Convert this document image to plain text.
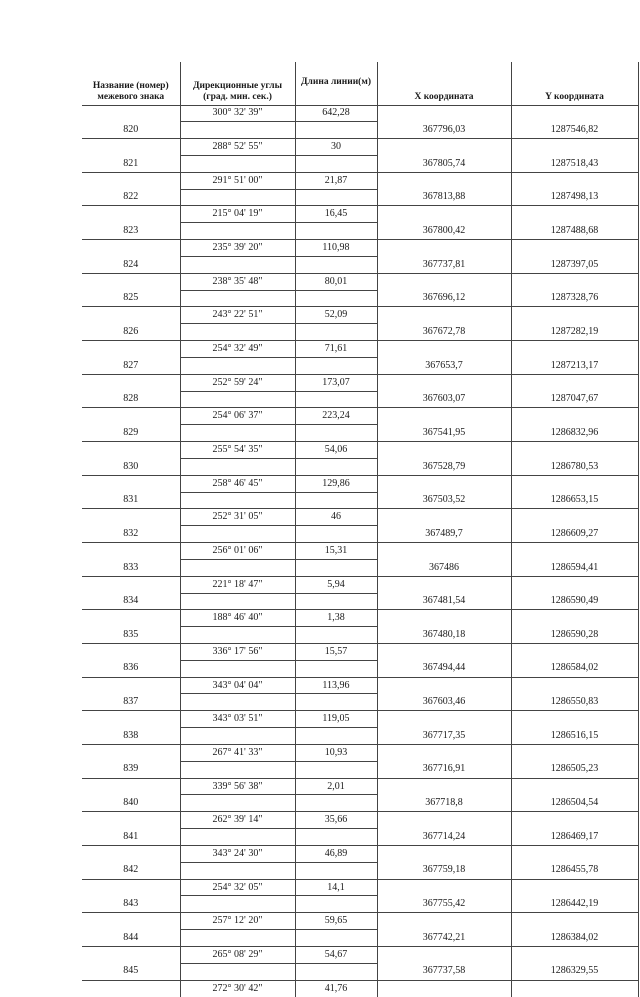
Название (номер) межевого знака	Дирекционные углы (град. мин. сек.)	Длина линии(м)	X координата	Y координата
	300° 32' 39"	642,28		
820			367796,03	1287546,82
	288° 52' 55"	30		
821			367805,74	1287518,43
	291° 51' 00"	21,87		
822			367813,88	1287498,13
	215° 04' 19"	16,45		
823			367800,42	1287488,68
	235° 39' 20"	110,98		
824			367737,81	1287397,05
	238° 35' 48"	80,01		
825			367696,12	1287328,76
	243° 22' 51"	52,09		
826			367672,78	1287282,19
	254° 32' 49"	71,61		
827			367653,7	1287213,17
	252° 59' 24"	173,07		
828			367603,07	1287047,67
	254° 06' 37"	223,24		
829			367541,95	1286832,96
	255° 54' 35"	54,06		
830			367528,79	1286780,53
	258° 46' 45"	129,86		
831			367503,52	1286653,15
	252° 31' 05"	46		
832			367489,7	1286609,27
	256° 01' 06"	15,31		
833			367486	1286594,41
	221° 18' 47"	5,94		
834			367481,54	1286590,49
	188° 46' 40"	1,38		
835			367480,18	1286590,28
	336° 17' 56"	15,57		
836			367494,44	1286584,02
	343° 04' 04"	113,96		
837			367603,46	1286550,83
	343° 03' 51"	119,05		
838			367717,35	1286516,15
	267° 41' 33"	10,93		
839			367716,91	1286505,23
	339° 56' 38"	2,01		
840			367718,8	1286504,54
	262° 39' 14"	35,66		
841			367714,24	1286469,17
	343° 24' 30"	46,89		
842			367759,18	1286455,78
	254° 32' 05"	14,1		
843			367755,42	1286442,19
	257° 12' 20"	59,65		
844			367742,21	1286384,02
	265° 08' 29"	54,67		
845			367737,58	1286329,55
	272° 30' 42"	41,76		
